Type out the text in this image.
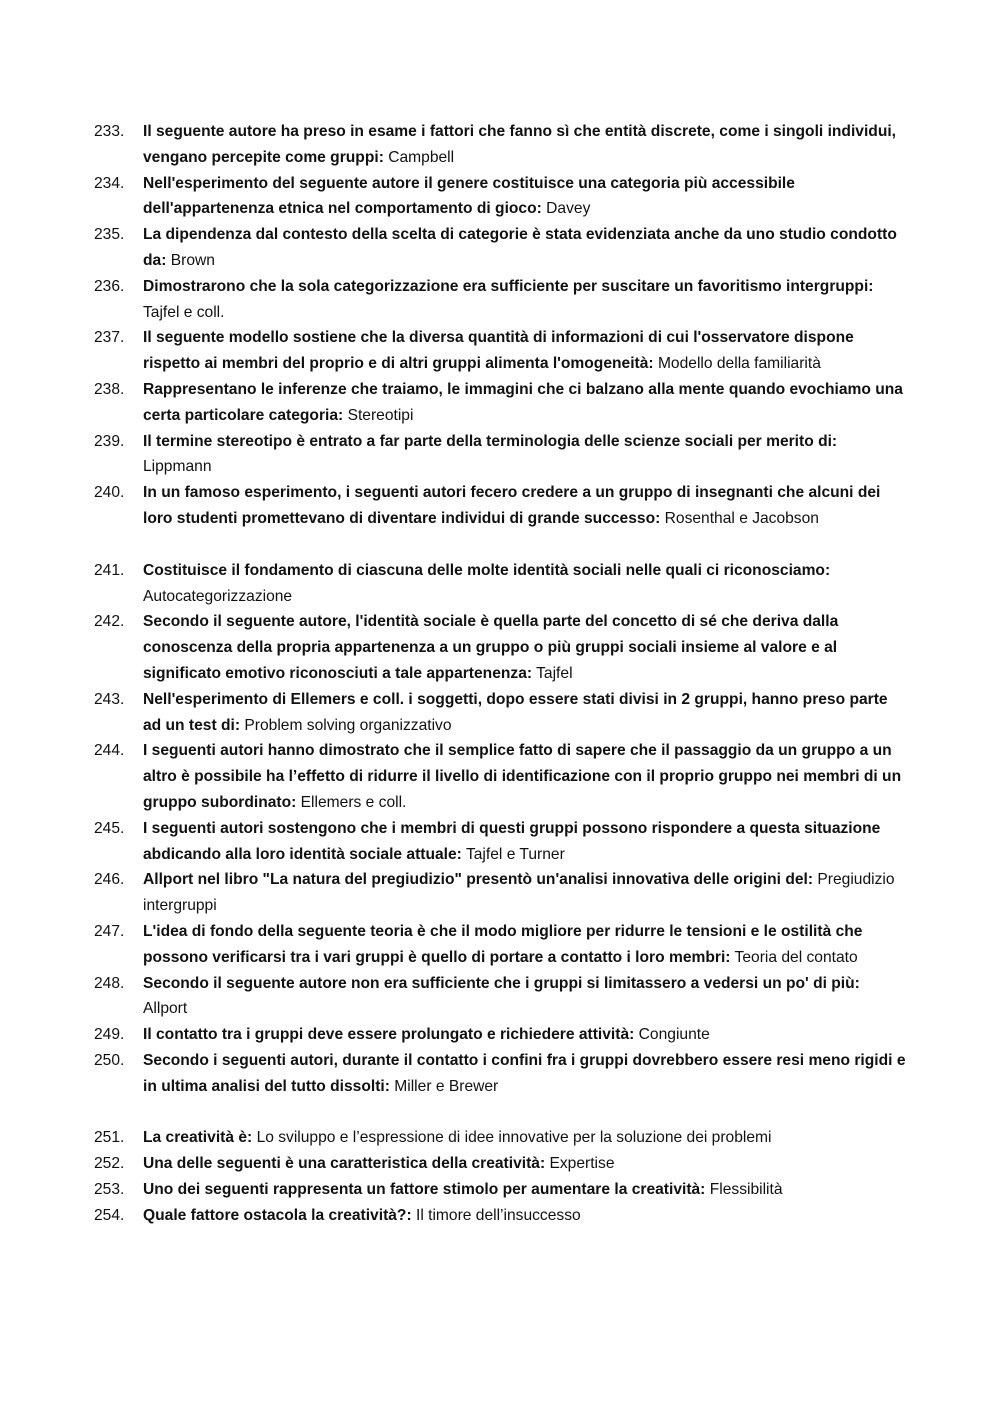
233.	Il seguente autore ha preso in esame i fattori che fanno sì che entità discrete, come i singoli individui, vengano percepite come gruppi: Campbell
234.	Nell'esperimento del seguente autore il genere costituisce una categoria più accessibile dell'appartenenza etnica nel comportamento di gioco: Davey
235.	La dipendenza dal contesto della scelta di categorie è stata evidenziata anche da uno studio condotto da: Brown
236.	Dimostrarono che la sola categorizzazione era sufficiente per suscitare un favoritismo intergruppi: Tajfel e coll.
237.	Il seguente modello sostiene che la diversa quantità di informazioni di cui l'osservatore dispone rispetto ai membri del proprio e di altri gruppi alimenta l'omogeneità: Modello della familiarità
238.	Rappresentano le inferenze che traiamo, le immagini che ci balzano alla mente quando evochiamo una certa particolare categoria: Stereotipi
239.	Il termine stereotipo è entrato a far parte della terminologia delle scienze sociali per merito di: Lippmann
240.	In un famoso esperimento, i seguenti autori fecero credere a un gruppo di insegnanti che alcuni dei loro studenti promettevano di diventare individui di grande successo: Rosenthal e Jacobson
241.	Costituisce il fondamento di ciascuna delle molte identità sociali nelle quali ci riconosciamo: Autocategorizzazione
242.	Secondo il seguente autore, l'identità sociale è quella parte del concetto di sé che deriva dalla conoscenza della propria appartenenza a un gruppo o più gruppi sociali insieme al valore e al significato emotivo riconosciuti a tale appartenenza: Tajfel
243.	Nell'esperimento di Ellemers e coll. i soggetti, dopo essere stati divisi in 2 gruppi, hanno preso parte ad un test di: Problem solving organizzativo
244.	I seguenti autori hanno dimostrato che il semplice fatto di sapere che il passaggio da un gruppo a un altro è possibile ha l’effetto di ridurre il livello di identificazione con il proprio gruppo nei membri di un gruppo subordinato: Ellemers e coll.
245.	I seguenti autori sostengono che i membri di questi gruppi possono rispondere a questa situazione abdicando alla loro identità sociale attuale: Tajfel e Turner
246.	Allport nel libro "La natura del pregiudizio" presentò un'analisi innovativa delle origini del: Pregiudizio intergruppi
247.	L'idea di fondo della seguente teoria è che il modo migliore per ridurre le tensioni e le ostilità che possono verificarsi tra i vari gruppi è quello di portare a contatto i loro membri: Teoria del contato
248.	Secondo il seguente autore non era sufficiente che i gruppi si limitassero a vedersi un po' di più: Allport
249.	Il contatto tra i gruppi deve essere prolungato e richiedere attività: Congiunte
250.	Secondo i seguenti autori, durante il contatto i confini fra i gruppi dovrebbero essere resi meno rigidi e in ultima analisi del tutto dissolti: Miller e Brewer
251.	La creatività è: Lo sviluppo e l’espressione di idee innovative per la soluzione dei problemi
252.	Una delle seguenti è una caratteristica della creatività: Expertise
253.	Uno dei seguenti rappresenta un fattore stimolo per aumentare la creatività: Flessibilità
254.	Quale fattore ostacola la creatività?: Il timore dell’insuccesso
